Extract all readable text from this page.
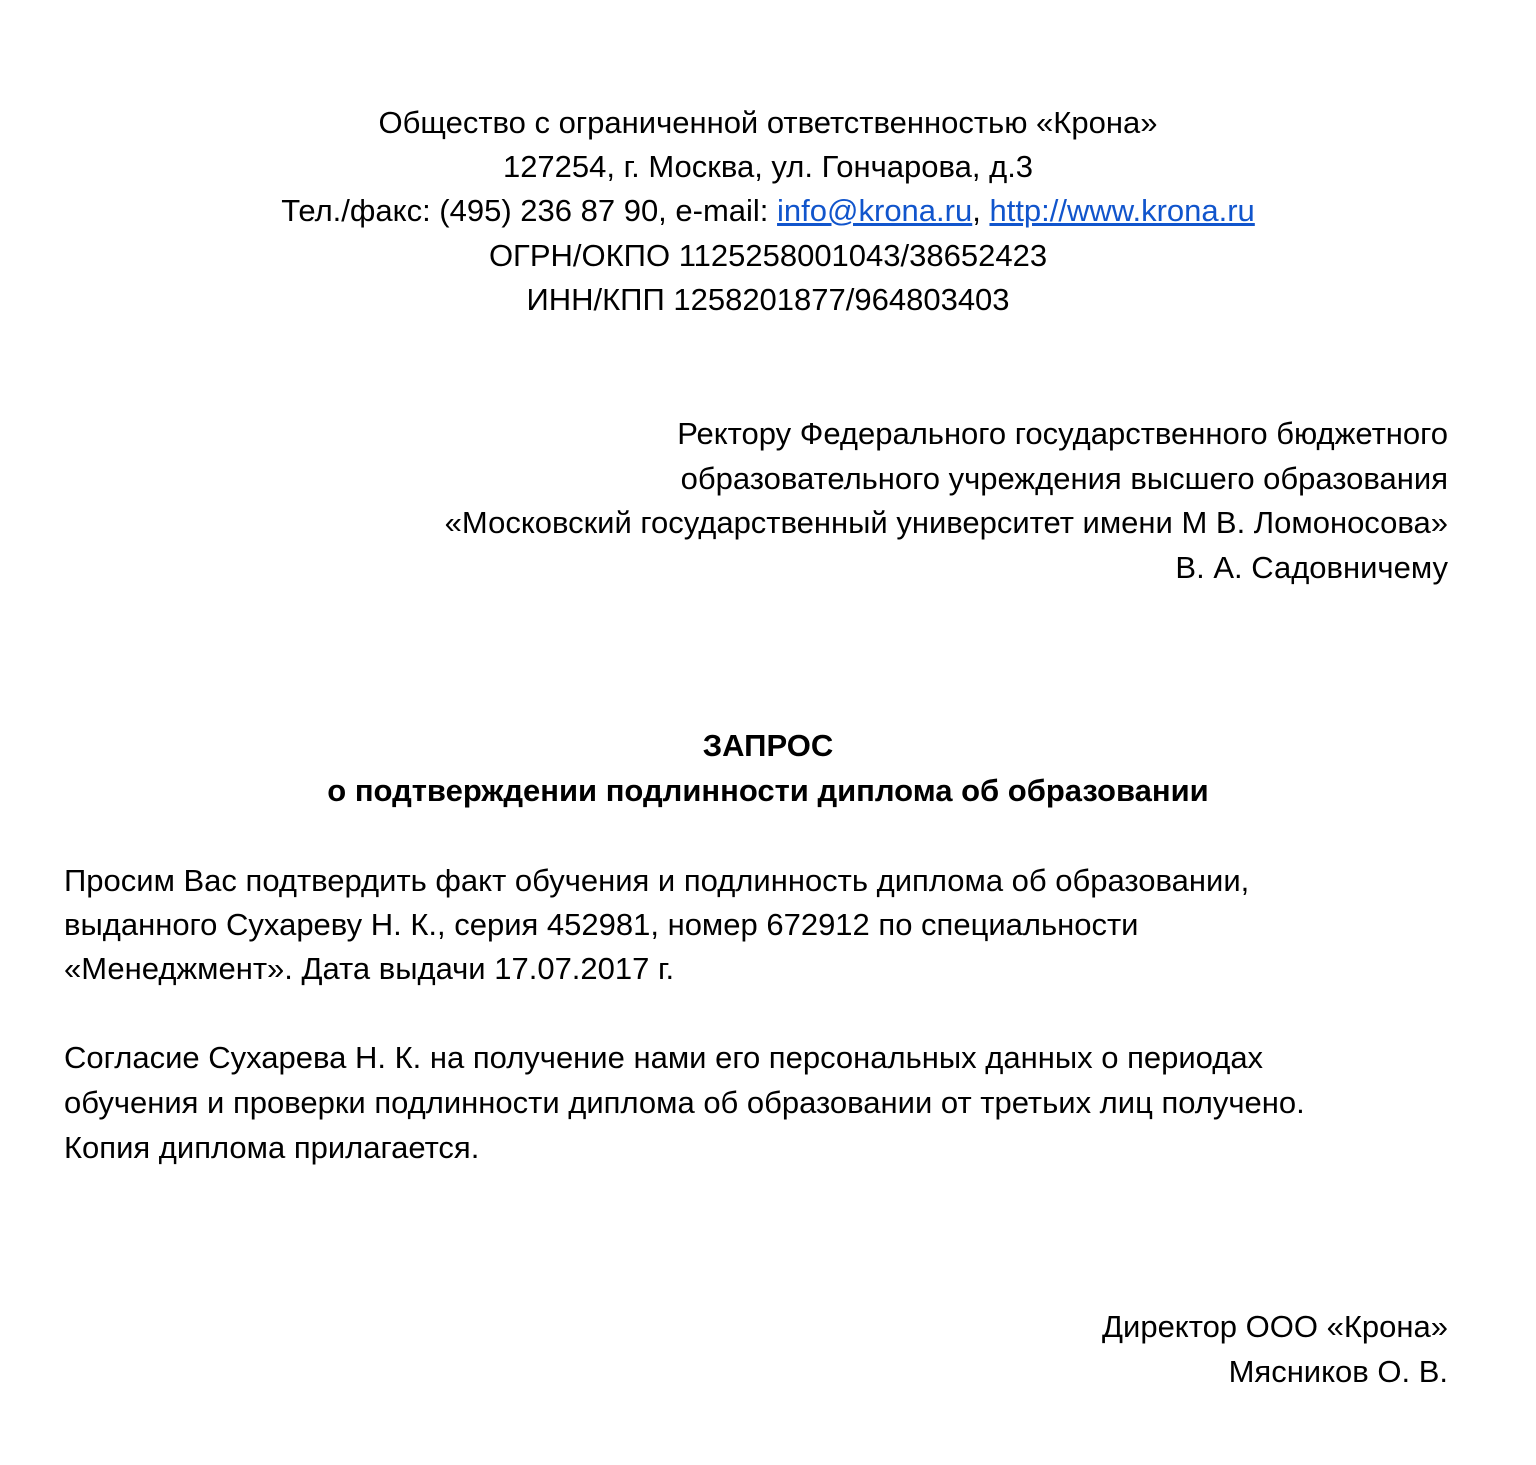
Общество с ограниченной ответственностью «Крона»
127254, г. Москва, ул. Гончарова, д.3
Тел./факс: (495) 236 87 90, e-mail: info@krona.ru, http://www.krona.ru
ОГРН/ОКПО 1125258001043/38652423
ИНН/КПП 1258201877/964803403
Ректору Федерального государственного бюджетного
образовательного учреждения высшего образования
«Московский государственный университет имени М В. Ломоносова»
В. А. Садовничему
ЗАПРОС
о подтверждении подлинности диплома об образовании
Просим Вас подтвердить факт обучения и подлинность диплома об образовании,
выданного Сухареву Н. К., серия 452981, номер 672912 по специальности
«Менеджмент». Дата выдачи 17.07.2017 г.
Согласие Сухарева Н. К. на получение нами его персональных данных о периодах
обучения и проверки подлинности диплома об образовании от третьих лиц получено.
Копия диплома прилагается.
Директор ООО «Крона»
Мясников О. В.
